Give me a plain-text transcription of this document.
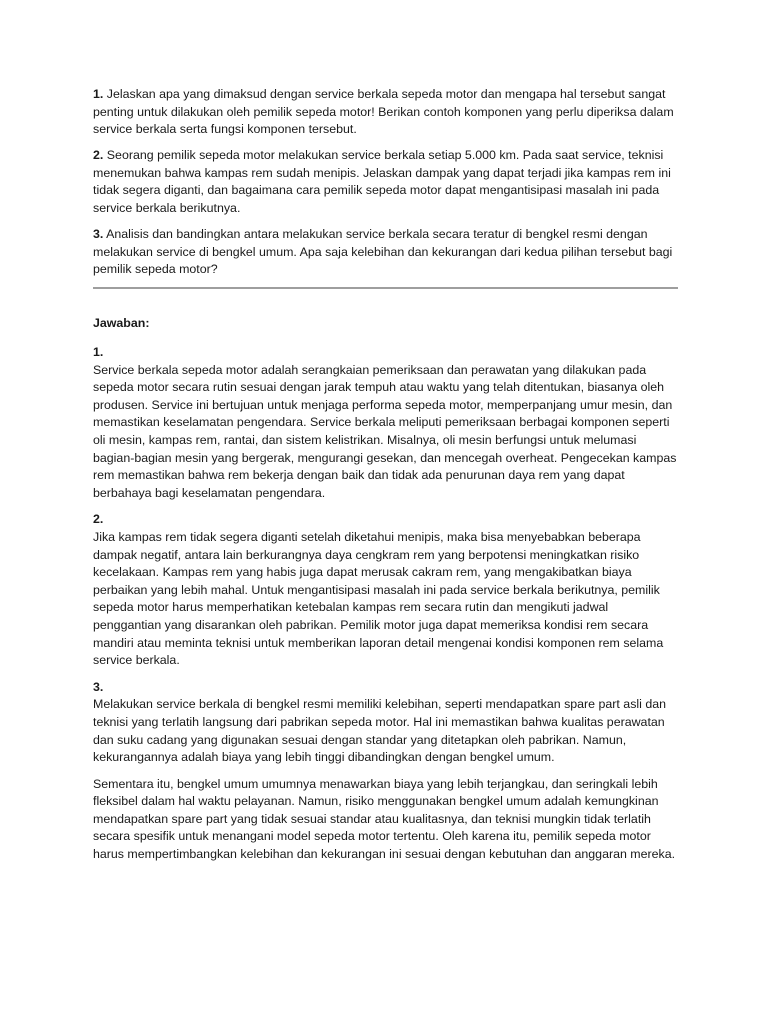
1. Jelaskan apa yang dimaksud dengan service berkala sepeda motor dan mengapa hal tersebut sangat penting untuk dilakukan oleh pemilik sepeda motor! Berikan contoh komponen yang perlu diperiksa dalam service berkala serta fungsi komponen tersebut.

2. Seorang pemilik sepeda motor melakukan service berkala setiap 5.000 km. Pada saat service, teknisi menemukan bahwa kampas rem sudah menipis. Jelaskan dampak yang dapat terjadi jika kampas rem ini tidak segera diganti, dan bagaimana cara pemilik sepeda motor dapat mengantisipasi masalah ini pada service berkala berikutnya.

3. Analisis dan bandingkan antara melakukan service berkala secara teratur di bengkel resmi dengan melakukan service di bengkel umum. Apa saja kelebihan dan kekurangan dari kedua pilihan tersebut bagi pemilik sepeda motor?

Jawaban:
1.

Service berkala sepeda motor adalah serangkaian pemeriksaan dan perawatan yang dilakukan pada sepeda motor secara rutin sesuai dengan jarak tempuh atau waktu yang telah ditentukan, biasanya oleh produsen. Service ini bertujuan untuk menjaga performa sepeda motor, memperpanjang umur mesin, dan memastikan keselamatan pengendara. Service berkala meliputi pemeriksaan berbagai komponen seperti oli mesin, kampas rem, rantai, dan sistem kelistrikan. Misalnya, oli mesin berfungsi untuk melumasi bagian-bagian mesin yang bergerak, mengurangi gesekan, dan mencegah overheat. Pengecekan kampas rem memastikan bahwa rem bekerja dengan baik dan tidak ada penurunan daya rem yang dapat berbahaya bagi keselamatan pengendara.

2.

Jika kampas rem tidak segera diganti setelah diketahui menipis, maka bisa menyebabkan beberapa dampak negatif, antara lain berkurangnya daya cengkram rem yang berpotensi meningkatkan risiko kecelakaan. Kampas rem yang habis juga dapat merusak cakram rem, yang mengakibatkan biaya perbaikan yang lebih mahal. Untuk mengantisipasi masalah ini pada service berkala berikutnya, pemilik sepeda motor harus memperhatikan ketebalan kampas rem secara rutin dan mengikuti jadwal penggantian yang disarankan oleh pabrikan. Pemilik motor juga dapat memeriksa kondisi rem secara mandiri atau meminta teknisi untuk memberikan laporan detail mengenai kondisi komponen rem selama service berkala.

3.

Melakukan service berkala di bengkel resmi memiliki kelebihan, seperti mendapatkan spare part asli dan teknisi yang terlatih langsung dari pabrikan sepeda motor. Hal ini memastikan bahwa kualitas perawatan dan suku cadang yang digunakan sesuai dengan standar yang ditetapkan oleh pabrikan. Namun, kekurangannya adalah biaya yang lebih tinggi dibandingkan dengan bengkel umum.

Sementara itu, bengkel umum umumnya menawarkan biaya yang lebih terjangkau, dan seringkali lebih fleksibel dalam hal waktu pelayanan. Namun, risiko menggunakan bengkel umum adalah kemungkinan mendapatkan spare part yang tidak sesuai standar atau kualitasnya, dan teknisi mungkin tidak terlatih secara spesifik untuk menangani model sepeda motor tertentu. Oleh karena itu, pemilik sepeda motor harus mempertimbangkan kelebihan dan kekurangan ini sesuai dengan kebutuhan dan anggaran mereka.
